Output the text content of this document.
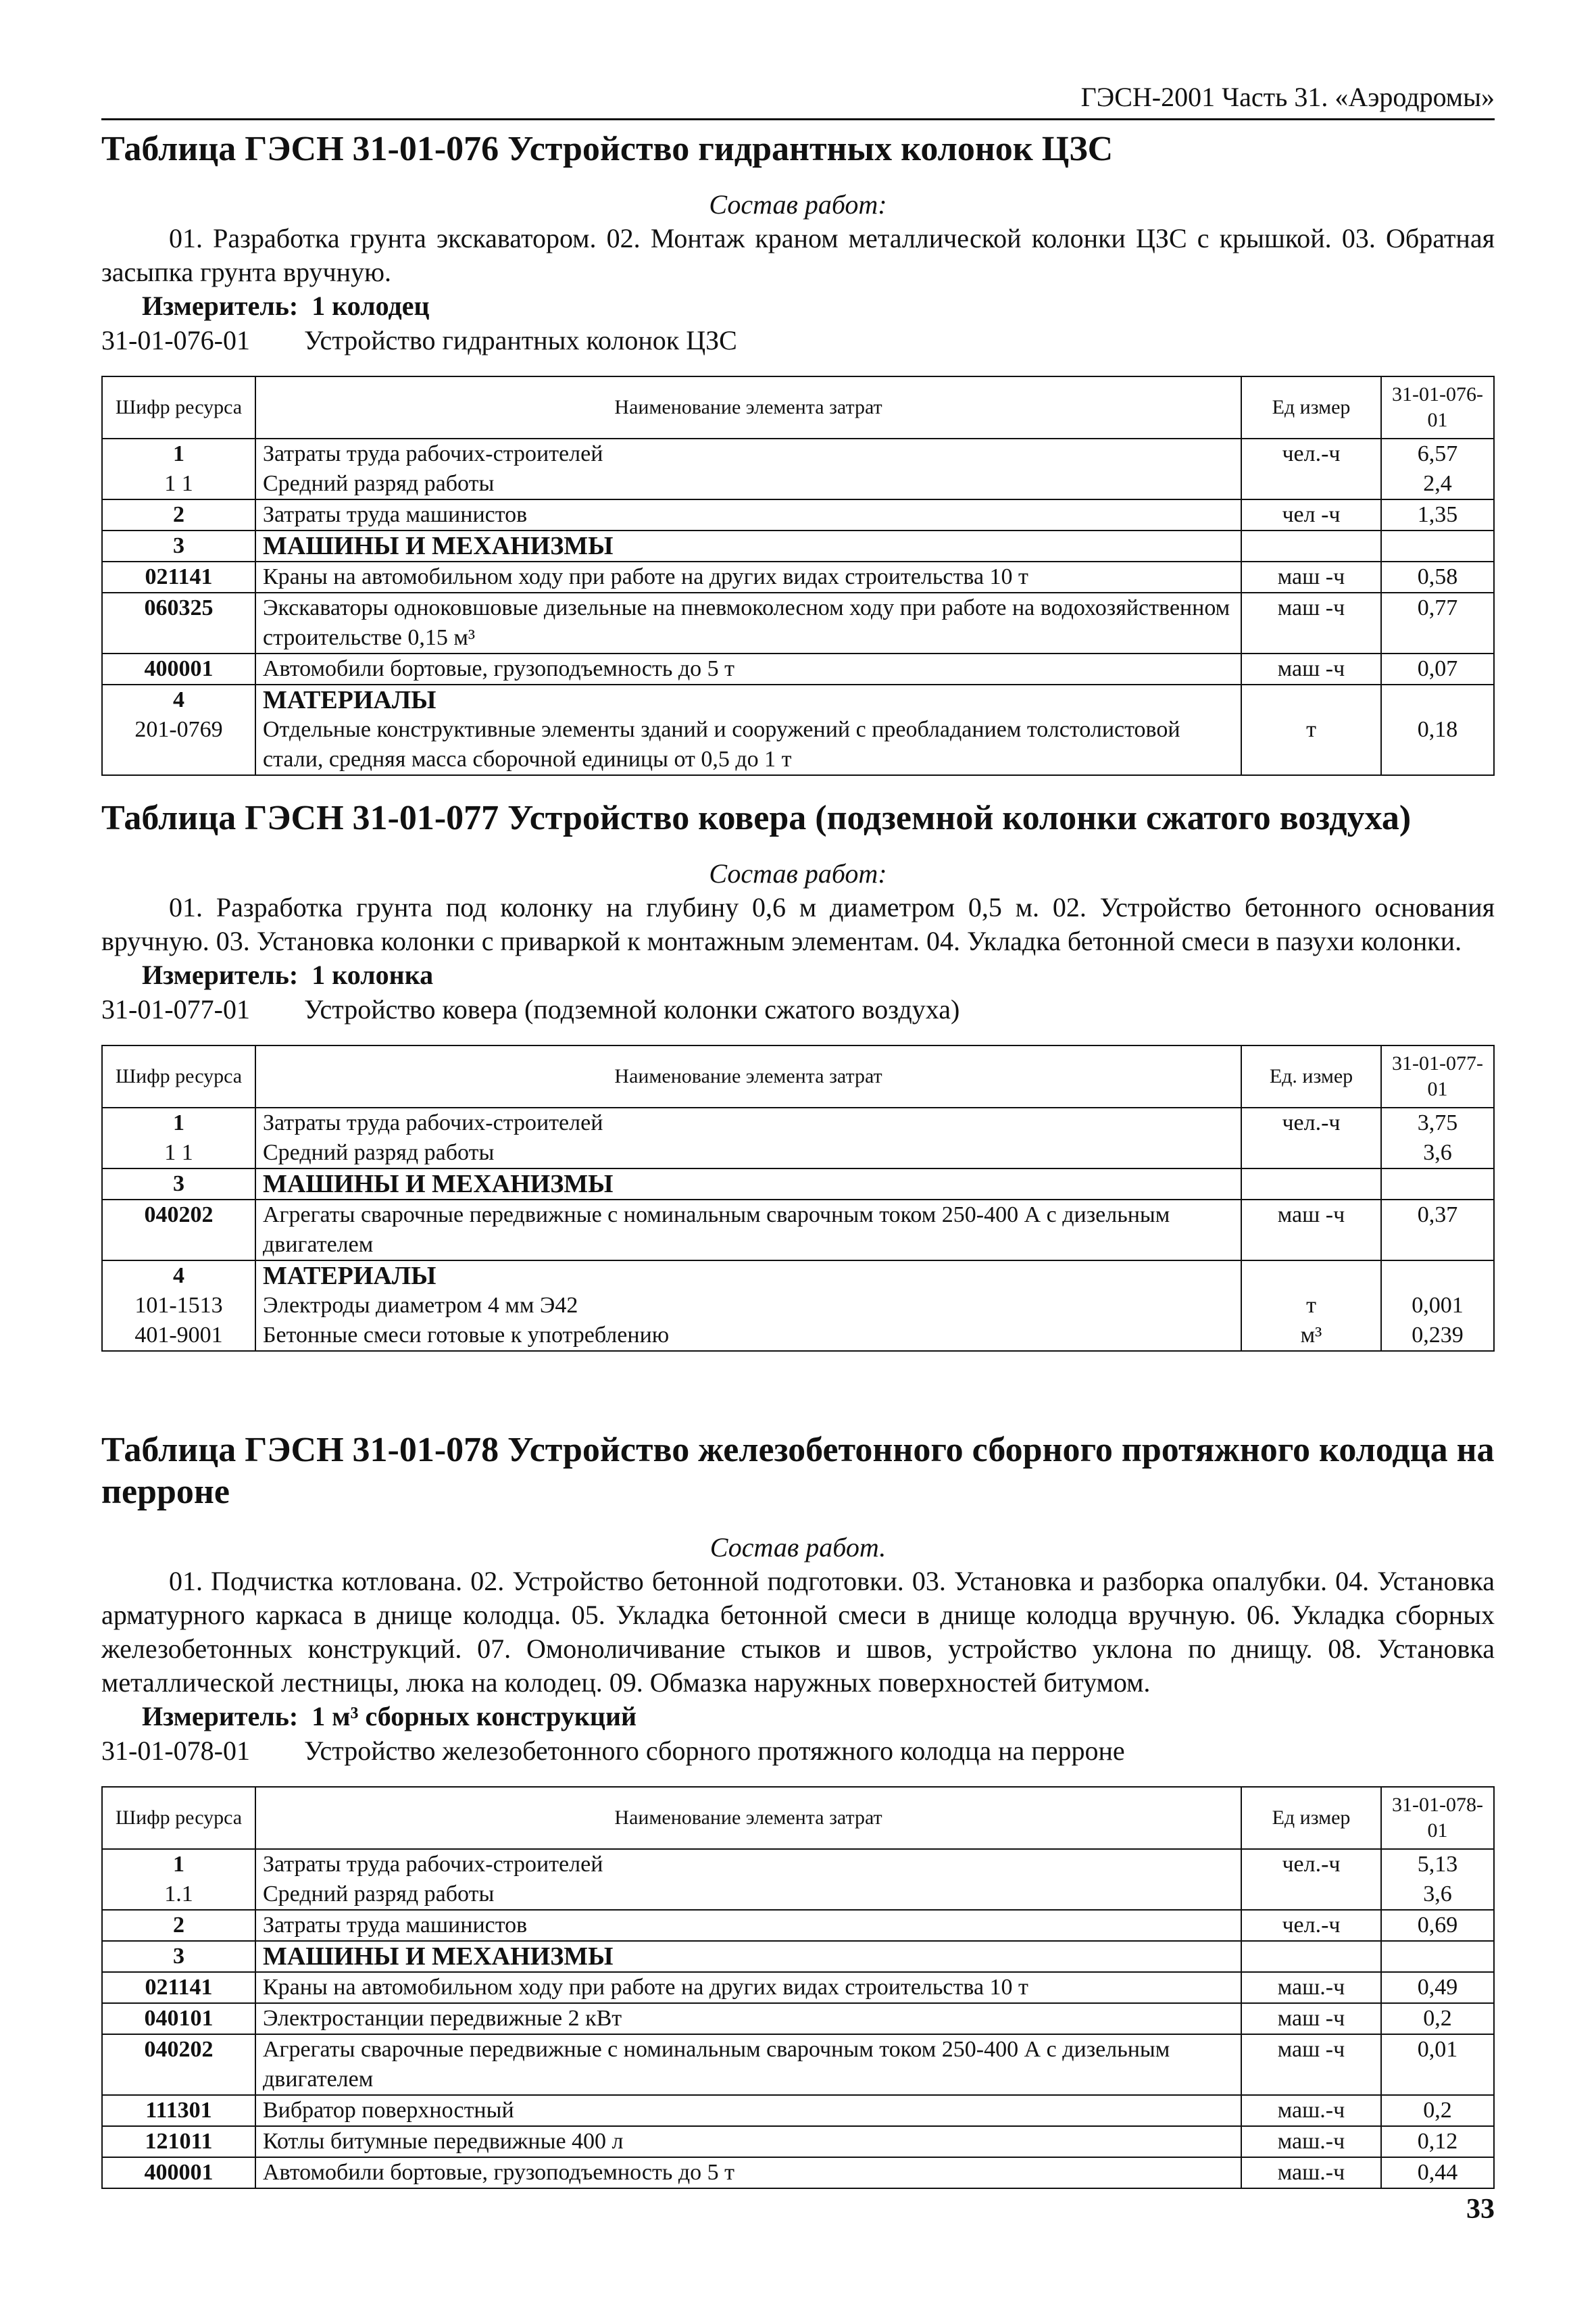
ГЭСН-2001 Часть 31. «Аэродромы»
Таблица ГЭСН 31-01-076 Устройство гидрантных колонок ЦЗС
Состав работ:
01. Разработка грунта экскаватором. 02. Монтаж краном металлической колонки ЦЗС с крышкой. 03. Обратная засыпка грунта вручную.
Измеритель: 1 колодец
31-01-076-01 Устройство гидрантных колонок ЦЗС
Шифр ресурса	Наименование элемента затрат	Ед измер	31-01-076-01
1	Затраты труда рабочих-строителей	чел.-ч	6,57
1 1	Средний разряд работы		2,4
2	Затраты труда машинистов	чел -ч	1,35
3	МАШИНЫ И МЕХАНИЗМЫ		
021141	Краны на автомобильном ходу при работе на других видах строительства 10 т	маш -ч	0,58
060325	Экскаваторы одноковшовые дизельные на пневмоколесном ходу при работе на водохозяйственном строительстве 0,15 м³	маш -ч	0,77
400001	Автомобили бортовые, грузоподъемность до 5 т	маш -ч	0,07
4	МАТЕРИАЛЫ		
201-0769	Отдельные конструктивные элементы зданий и сооружений с преобладанием толстолистовой стали, средняя масса сборочной единицы от 0,5 до 1 т	т	0,18
Таблица ГЭСН 31-01-077 Устройство ковера (подземной колонки сжатого воздуха)
Состав работ:
01. Разработка грунта под колонку на глубину 0,6 м диаметром 0,5 м. 02. Устройство бетонного основания вручную. 03. Установка колонки с приваркой к монтажным элементам. 04. Укладка бетонной смеси в пазухи колонки.
Измеритель: 1 колонка
31-01-077-01 Устройство ковера (подземной колонки сжатого воздуха)
Шифр ресурса	Наименование элемента затрат	Ед. измер	31-01-077-01
1	Затраты труда рабочих-строителей	чел.-ч	3,75
1 1	Средний разряд работы		3,6
3	МАШИНЫ И МЕХАНИЗМЫ		
040202	Агрегаты сварочные передвижные с номинальным сварочным током 250-400 А с дизельным двигателем	маш -ч	0,37
4	МАТЕРИАЛЫ		
101-1513	Электроды диаметром 4 мм Э42	т	0,001
401-9001	Бетонные смеси готовые к употреблению	м³	0,239
Таблица ГЭСН 31-01-078 Устройство железобетонного сборного протяжного колодца на перроне
Состав работ.
01. Подчистка котлована. 02. Устройство бетонной подготовки. 03. Установка и разборка опалубки. 04. Установка арматурного каркаса в днище колодца. 05. Укладка бетонной смеси в днище колодца вручную. 06. Укладка сборных железобетонных конструкций. 07. Омоноличивание стыков и швов, устройство уклона по днищу. 08. Установка металлической лестницы, люка на колодец. 09. Обмазка наружных поверхностей битумом.
Измеритель: 1 м³ сборных конструкций
31-01-078-01 Устройство железобетонного сборного протяжного колодца на перроне
Шифр ресурса	Наименование элемента затрат	Ед измер	31-01-078-01
1	Затраты труда рабочих-строителей	чел.-ч	5,13
1.1	Средний разряд работы		3,6
2	Затраты труда машинистов	чел.-ч	0,69
3	МАШИНЫ И МЕХАНИЗМЫ		
021141	Краны на автомобильном ходу при работе на других видах строительства 10 т	маш.-ч	0,49
040101	Электростанции передвижные 2 кВт	маш -ч	0,2
040202	Агрегаты сварочные передвижные с номинальным сварочным током 250-400 А с дизельным двигателем	маш -ч	0,01
111301	Вибратор поверхностный	маш.-ч	0,2
121011	Котлы битумные передвижные 400 л	маш.-ч	0,12
400001	Автомобили бортовые, грузоподъемность до 5 т	маш.-ч	0,44
33
